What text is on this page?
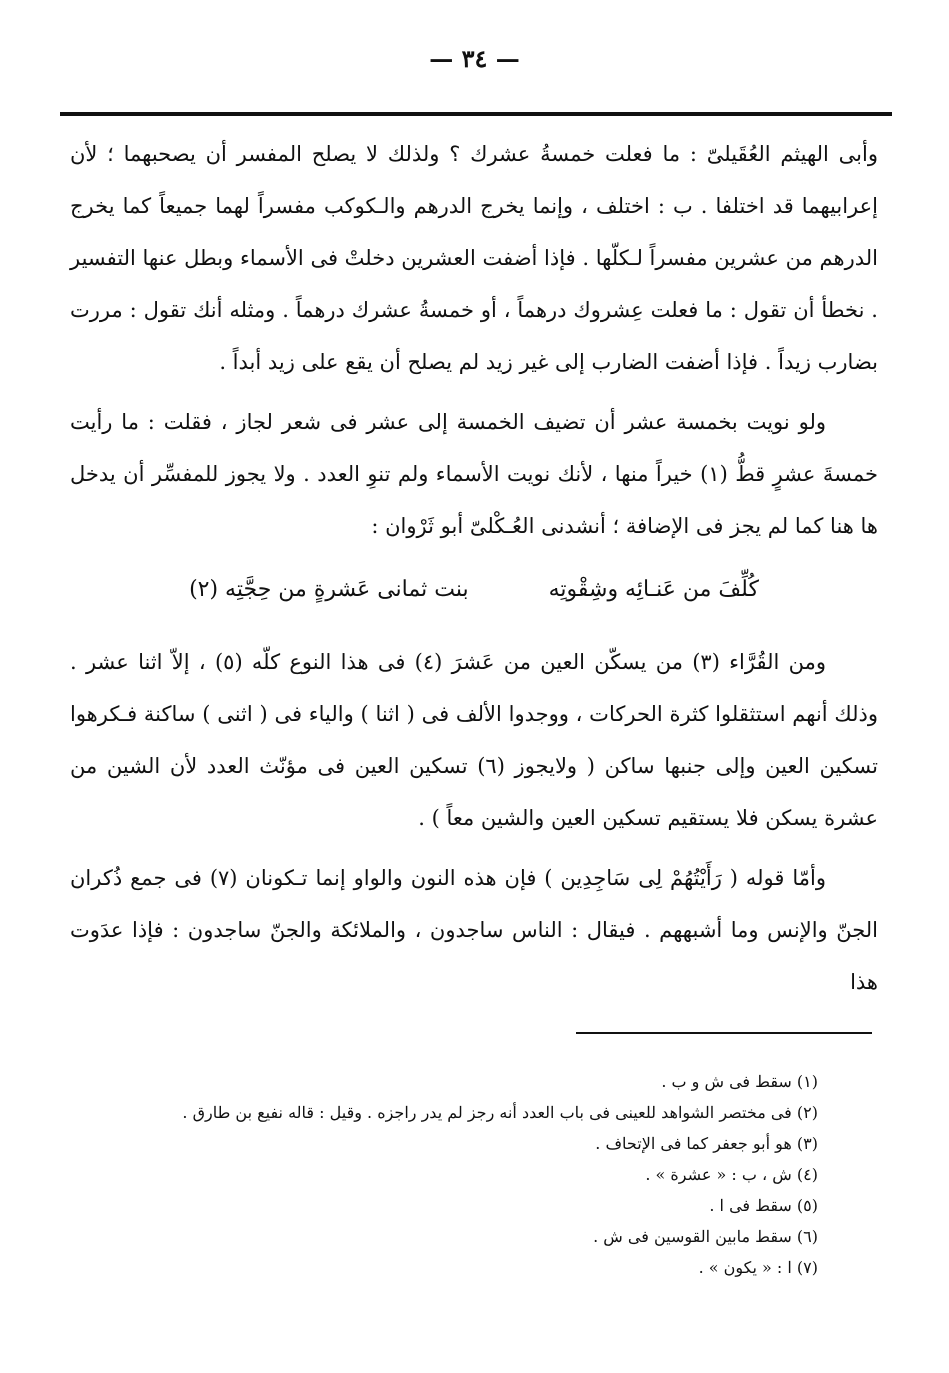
— ٣٤ —

وأبى الهيثم العُقَيلىّ : ما فعلت خمسةُ عشرك ؟ ولذلك لا يصلح المفسر أن يصحبهما ؛ لأن إعرابيهما قد اختلفا . ب : اختلف ، وإنما يخرج الدرهم والـكوكب مفسراً لهما جميعاً كما يخرج الدرهم من عشرين مفسراً لـكلّها . فإذا أضفت العشرين دخلتْ فى الأسماء وبطل عنها التفسير . نخطأ أن تقول : ما فعلت عِشروك درهماً ، أو خمسةُ عشرك درهماً . ومثله أنك تقول : مررت بضارب زيداً . فإذا أضفت الضارب إلى غير زيد لم يصلح أن يقع على زيد أبداً .

ولو نويت بخمسة عشر أن تضيف الخمسة إلى عشر فى شعر لجاز ، فقلت : ما رأيت خمسةَ عشرٍ قطُّ (١) خيراً منها ، لأنك نويت الأسماء ولم تنوِ العدد . ولا يجوز للمفسِّر أن يدخل ها هنا كما لم يجز فى الإضافة ؛ أنشدنى العُـكْلىّ أبو ثَرْوان :

كُلِّفَ من عَنـائِه وشِقْوتِه
بنت ثمانى عَشرةٍ من حِجَّتِه (٢)

ومن القُرَّاء (٣) من يسكّن العين من عَشرَ (٤) فى هذا النوع كلّه (٥) ، إلاّ اثنا عشر . وذلك أنهم استثقلوا كثرة الحركات ، ووجدوا الألف فى ( اثنا ) والياء فى ( اثنى ) ساكنة فـكرهوا تسكين العين وإلى جنبها ساكن ( ولايجوز (٦) تسكين العين فى مؤنّث العدد لأن الشين من عشرة يسكن فلا يستقيم تسكين العين والشين معاً ) .

وأمّا قوله ( رَأَيْتُهُمْ لِى سَاجِدِين ) فإن هذه النون والواو إنما تـكونان (٧) فى جمع ذُكران الجنّ والإنس وما أشبههم . فيقال : الناس ساجدون ، والملائكة والجنّ ساجدون : فإذا عدَوت هذا

(١) سقط فى ش و ب .
(٢) فى مختصر الشواهد للعينى فى باب العدد أنه رجز لم يدر راجزه . وقيل : قاله نفيع بن طارق .
(٣) هو أبو جعفر كما فى الإتحاف .
(٤) ش ، ب : « عشرة » .
(٥) سقط فى ا .
(٦) سقط مابين القوسين فى ش .
(٧) ا : « يكون » .
